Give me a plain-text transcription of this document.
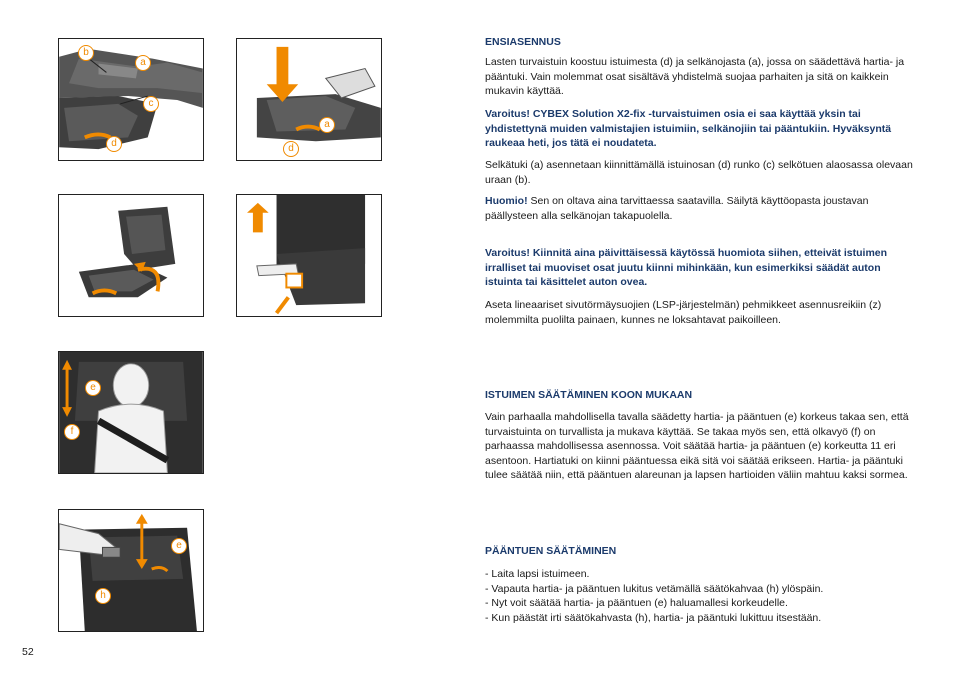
b
a
c
d
a
d
e
f
e
h
ENSIASENNUS

Lasten turvaistuin koostuu istuimesta (d) ja selkänojasta (a), jossa on säädettävä hartia- ja pääntuki. Vain molemmat osat sisältävä yhdistelmä suojaa parhaiten ja sitä on kaikkein mukavin käyttää.

Varoitus! CYBEX Solution X2-fix -turvaistuimen osia ei saa käyttää yksin tai yhdistettynä muiden valmistajien istuimiin, selkänojiin tai pääntukiin. Hyväksyntä raukeaa heti, jos tätä ei noudateta.

Selkätuki (a) asennetaan kiinnittämällä istuinosan (d) runko (c) selkötuen alaosassa olevaan uraan (b).

Huomio! Sen on oltava aina tarvittaessa saatavilla. Säilytä käyttöopasta joustavan päällysteen alla selkänojan takapuolella.

Varoitus! Kiinnitä aina päivittäisessä käytössä huomiota siihen, etteivät istuimen irralliset tai muoviset osat juutu kiinni mihinkään, kun esimerkiksi säädät auton istuinta tai käsittelet auton ovea.

Aseta lineaariset sivutörmäysuojien (LSP-järjestelmän) pehmikkeet asennusreikiin (z) molemmilta puolilta painaen, kunnes ne loksahtavat paikoilleen.

ISTUIMEN SÄÄTÄMINEN KOON MUKAAN

Vain parhaalla mahdollisella tavalla säädetty hartia- ja pääntuen (e) korkeus takaa sen, että turvaistuinta on turvallista ja mukava käyttää. Se takaa myös sen, että olkavyö (f) on parhaassa mahdollisessa asennossa. Voit säätää hartia- ja pääntuen (e) korkeutta 11 eri asentoon. Hartiatuki on kiinni pääntuessa eikä sitä voi säätää erikseen. Hartia- ja pääntuki tulee säätää niin, että pääntuen alareunan ja lapsen hartioiden väliin mahtuu kaksi sormea.

PÄÄNTUEN SÄÄTÄMINEN
- Laita lapsi istuimeen.
- Vapauta hartia- ja pääntuen lukitus vetämällä säätökahvaa (h) ylöspäin.
- Nyt voit säätää hartia- ja pääntuen (e) haluamallesi korkeudelle.
- Kun päästät irti säätökahvasta (h), hartia- ja pääntuki lukittuu itsestään.
52
